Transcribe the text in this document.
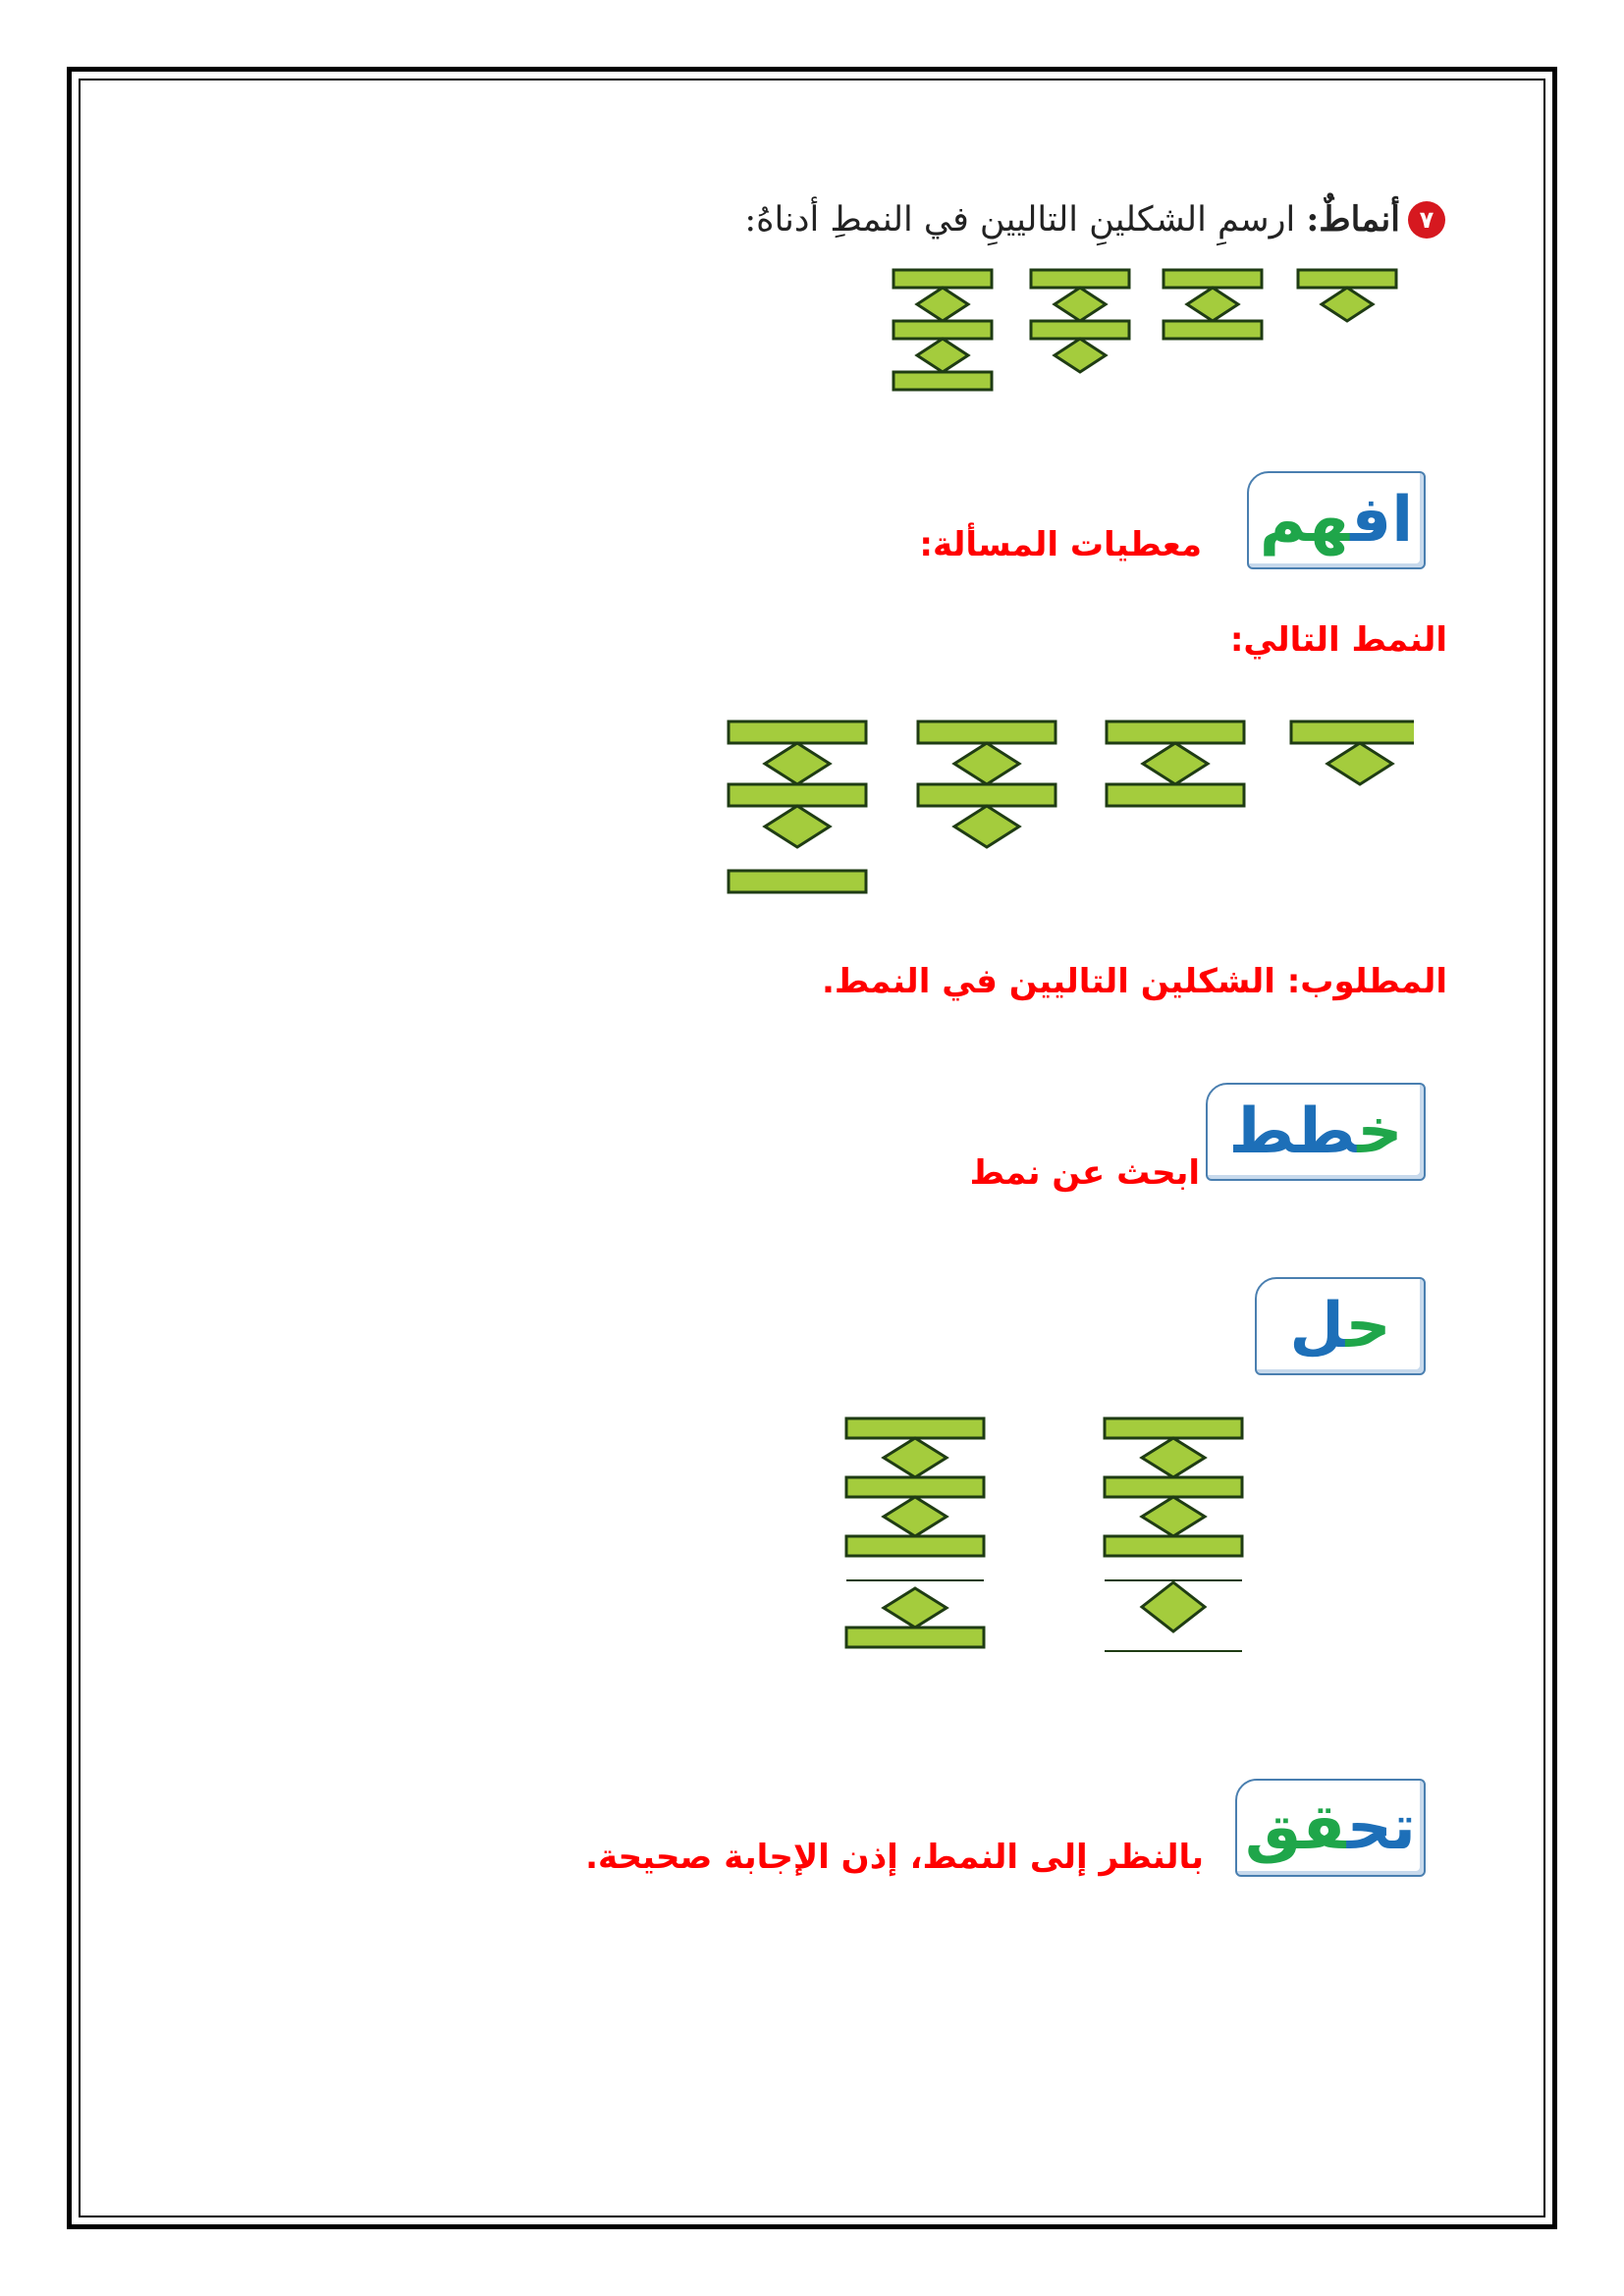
٧
أنماطٌ: ارسمِ الشكلينِ التاليينِ في النمطِ أدناهُ:
افهم
معطيات المسألة:
النمط التالي:
المطلوب: الشكلين التاليين في النمط.
خطط
ابحث عن نمط
حل
تحقق
بالنظر إلى النمط، إذن الإجابة صحيحة.
